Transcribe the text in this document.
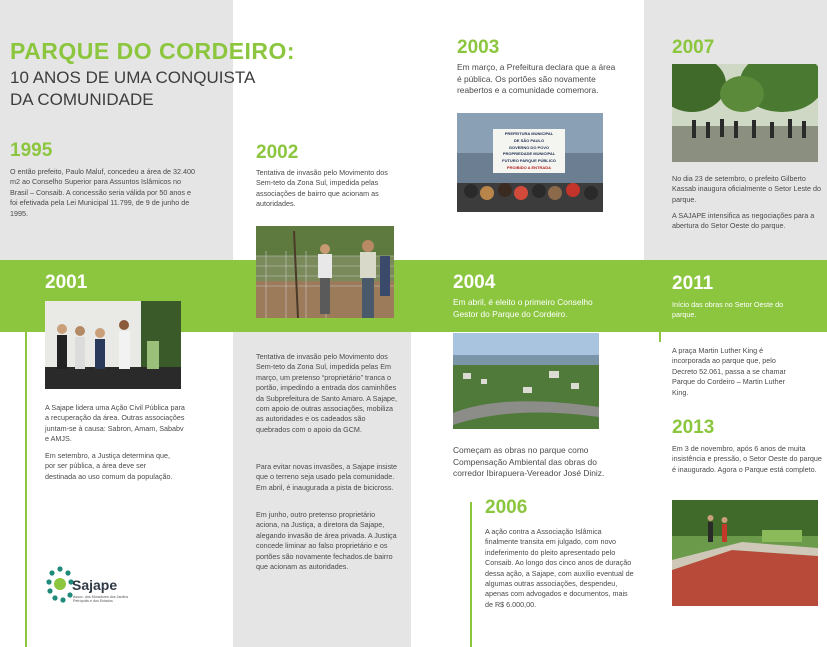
PARQUE DO CORDEIRO:
10 ANOS DE UMA CONQUISTA
DA COMUNIDADE
1995
O então prefeito, Paulo Maluf, concedeu a área de 32.400 m2 ao Conselho Superior para Assuntos Islâmicos no Brasil – Consaib. A concessão seria válida por 50 anos e foi efetivada pela Lei Municipal 11.799, de 9 de junho de 1995.
2002
Tentativa de invasão pelo Movimento dos Sem-teto da Zona Sul, impedida pelas associações de bairro que acionam as autoridades.
2003
Em março, a Prefeitura declara que a área é pública. Os portões são novamente reabertos e a comunidade comemora.
PREFEITURA MUNICIPAL
DE SÃO PAULO
GOVERNO DO POVO
PROPRIEDADE MUNICIPAL
FUTURO PARQUE PÚBLICO
PROIBIDO A ENTRADA
2007
No dia 23 de setembro, o prefeito Gilberto Kassab inaugura oficialmente o Setor Leste do parque.
A SAJAPE intensifica as negociações para a abertura do Setor Oeste do parque.
2001
A Sajape lidera uma Ação Civil Pública para a recuperação da área. Outras associações juntam-se à causa: Sabron, Amam, Sababv e AMJS.
Em setembro, a Justiça determina que, por ser pública, a área deve ser destinada ao uso comum da população.
Tentativa de invasão pelo Movimento dos Sem-teto da Zona Sul, impedida pelas Em março, um pretenso “proprietário” tranca o portão, impedindo a entrada dos caminhões da Subprefeitura de Santo Amaro. A Sajape, com apoio de outras associações, mobiliza as autoridades e os cadeados são quebrados com o apoio da GCM.
Para evitar novas invasões, a Sajape insiste que o terreno seja usado pela comunidade. Em abril, é inaugurada a pista de bicicross.
Em junho, outro pretenso proprietário aciona, na Justiça, a diretora da Sajape, alegando invasão de área privada. A Justiça concede liminar ao falso proprietário e os portões são novamente fechados.de bairro que acionam as autoridades.
2004
Em abril, é eleito o primeiro Conselho Gestor do Parque do Cordeiro.
Começam as obras no parque como Compensação Ambiental das obras do corredor Ibirapuera-Vereador José Diniz.
2006
A ação contra a Associação Islâmica finalmente transita em julgado, com novo indeferimento do pleito apresentado pelo Consaib. Ao longo dos cinco anos de duração dessa ação, a Sajape, com auxílio eventual de algumas outras associações, despendeu, apenas com advogados e documentos, mais de R$ 6.000,00.
2011
Início das obras no Setor Oeste do parque.
A praça Martin Luther King é incorporada ao parque que, pelo Decreto 52.061, passa a se chamar Parque do Cordeiro – Martin Luther King.
2013
Em 3 de novembro, após 6 anos de muita insistência e pressão, o Setor Oeste do parque é inaugurado. Agora o Parque está completo.
Sajape
Assoc. dos Moradores dos Jardins Petrópolis e dos Estados
